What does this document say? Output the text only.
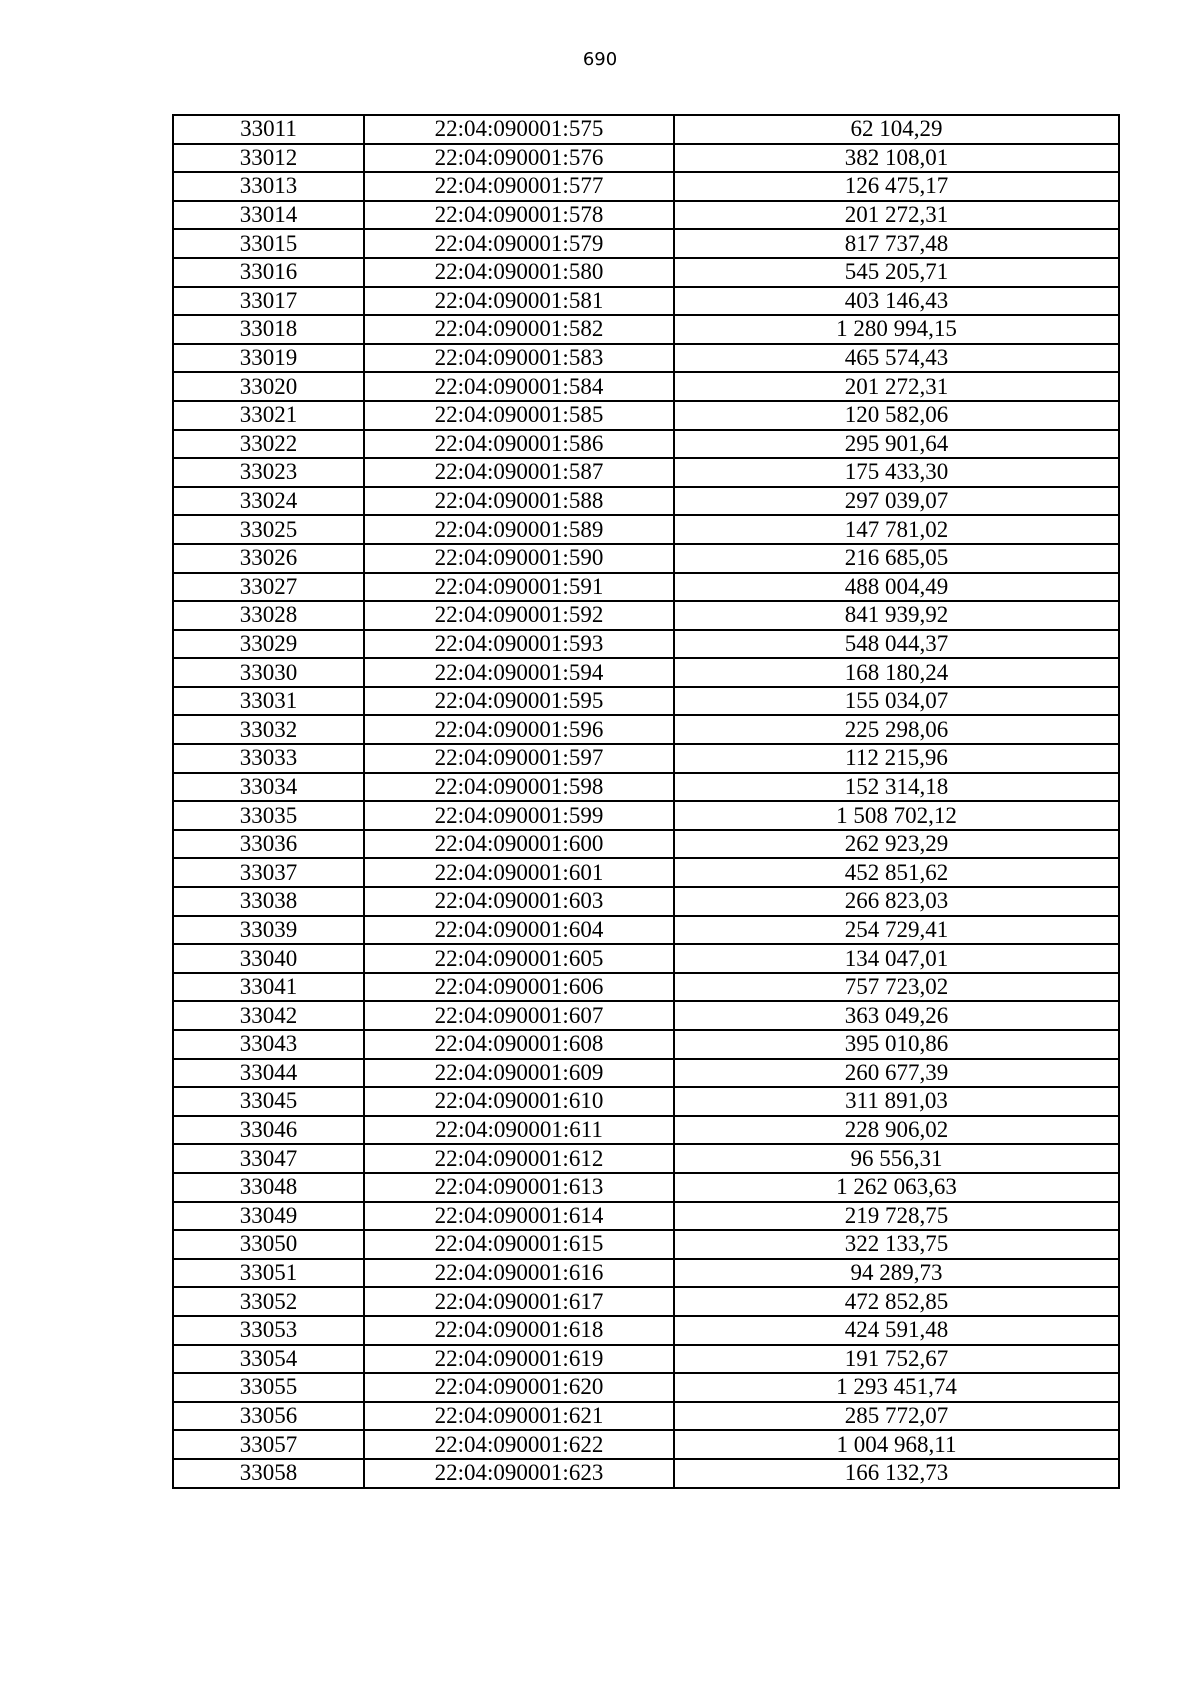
690
33011	22:04:090001:575	62 104,29
33012	22:04:090001:576	382 108,01
33013	22:04:090001:577	126 475,17
33014	22:04:090001:578	201 272,31
33015	22:04:090001:579	817 737,48
33016	22:04:090001:580	545 205,71
33017	22:04:090001:581	403 146,43
33018	22:04:090001:582	1 280 994,15
33019	22:04:090001:583	465 574,43
33020	22:04:090001:584	201 272,31
33021	22:04:090001:585	120 582,06
33022	22:04:090001:586	295 901,64
33023	22:04:090001:587	175 433,30
33024	22:04:090001:588	297 039,07
33025	22:04:090001:589	147 781,02
33026	22:04:090001:590	216 685,05
33027	22:04:090001:591	488 004,49
33028	22:04:090001:592	841 939,92
33029	22:04:090001:593	548 044,37
33030	22:04:090001:594	168 180,24
33031	22:04:090001:595	155 034,07
33032	22:04:090001:596	225 298,06
33033	22:04:090001:597	112 215,96
33034	22:04:090001:598	152 314,18
33035	22:04:090001:599	1 508 702,12
33036	22:04:090001:600	262 923,29
33037	22:04:090001:601	452 851,62
33038	22:04:090001:603	266 823,03
33039	22:04:090001:604	254 729,41
33040	22:04:090001:605	134 047,01
33041	22:04:090001:606	757 723,02
33042	22:04:090001:607	363 049,26
33043	22:04:090001:608	395 010,86
33044	22:04:090001:609	260 677,39
33045	22:04:090001:610	311 891,03
33046	22:04:090001:611	228 906,02
33047	22:04:090001:612	96 556,31
33048	22:04:090001:613	1 262 063,63
33049	22:04:090001:614	219 728,75
33050	22:04:090001:615	322 133,75
33051	22:04:090001:616	94 289,73
33052	22:04:090001:617	472 852,85
33053	22:04:090001:618	424 591,48
33054	22:04:090001:619	191 752,67
33055	22:04:090001:620	1 293 451,74
33056	22:04:090001:621	285 772,07
33057	22:04:090001:622	1 004 968,11
33058	22:04:090001:623	166 132,73
